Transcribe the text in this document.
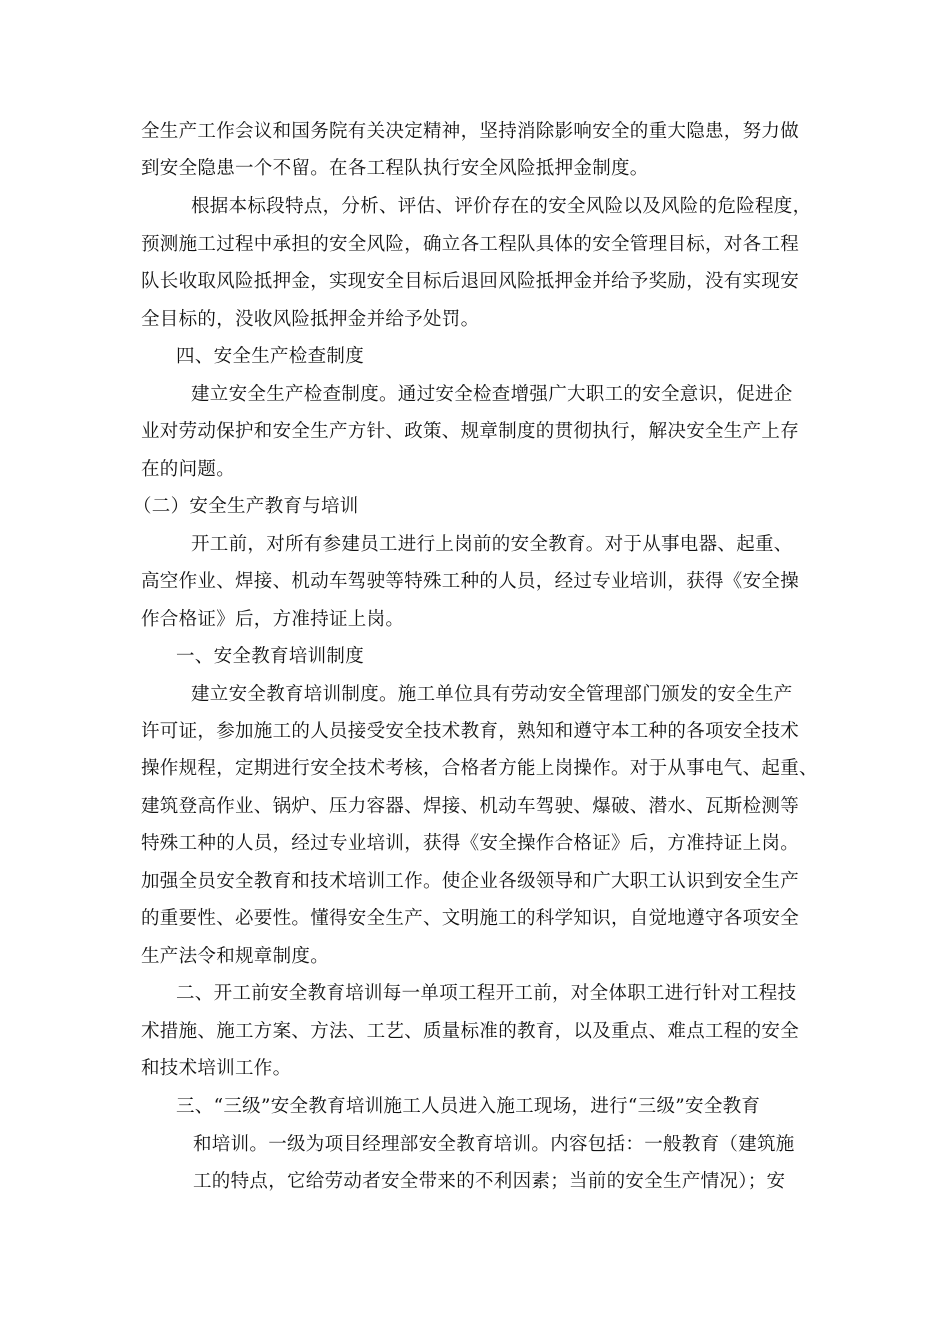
全生产工作会议和国务院有关决定精神，坚持消除影响安全的重大隐患，努力做
到安全隐患一个不留。在各工程队执行安全风险抵押金制度。
根据本标段特点，分析、评估、评价存在的安全风险以及风险的危险程度，
预测施工过程中承担的安全风险，确立各工程队具体的安全管理目标，对各工程
队长收取风险抵押金，实现安全目标后退回风险抵押金并给予奖励，没有实现安
全目标的，没收风险抵押金并给予处罚。
四、安全生产检查制度
建立安全生产检查制度。通过安全检查增强广大职工的安全意识，促进企
业对劳动保护和安全生产方针、政策、规章制度的贯彻执行，解决安全生产上存
在的问题。
（二）安全生产教育与培训
开工前，对所有参建员工进行上岗前的安全教育。对于从事电器、起重、
高空作业、焊接、机动车驾驶等特殊工种的人员，经过专业培训，获得《安全操
作合格证》后，方准持证上岗。
一、安全教育培训制度
建立安全教育培训制度。施工单位具有劳动安全管理部门颁发的安全生产
许可证，参加施工的人员接受安全技术教育，熟知和遵守本工种的各项安全技术
操作规程，定期进行安全技术考核，合格者方能上岗操作。对于从事电气、起重、
建筑登高作业、锅炉、压力容器、焊接、机动车驾驶、爆破、潜水、瓦斯检测等
特殊工种的人员，经过专业培训，获得《安全操作合格证》后，方准持证上岗。
加强全员安全教育和技术培训工作。使企业各级领导和广大职工认识到安全生产
的重要性、必要性。懂得安全生产、文明施工的科学知识，自觉地遵守各项安全
生产法令和规章制度。
二、开工前安全教育培训每一单项工程开工前，对全体职工进行针对工程技
术措施、施工方案、方法、工艺、质量标准的教育，以及重点、难点工程的安全
和技术培训工作。
三、“三级”安全教育培训施工人员进入施工现场，进行“三级”安全教育
和培训。一级为项目经理部安全教育培训。内容包括：一般教育（建筑施
工的特点，它给劳动者安全带来的不利因素；当前的安全生产情况）；安
